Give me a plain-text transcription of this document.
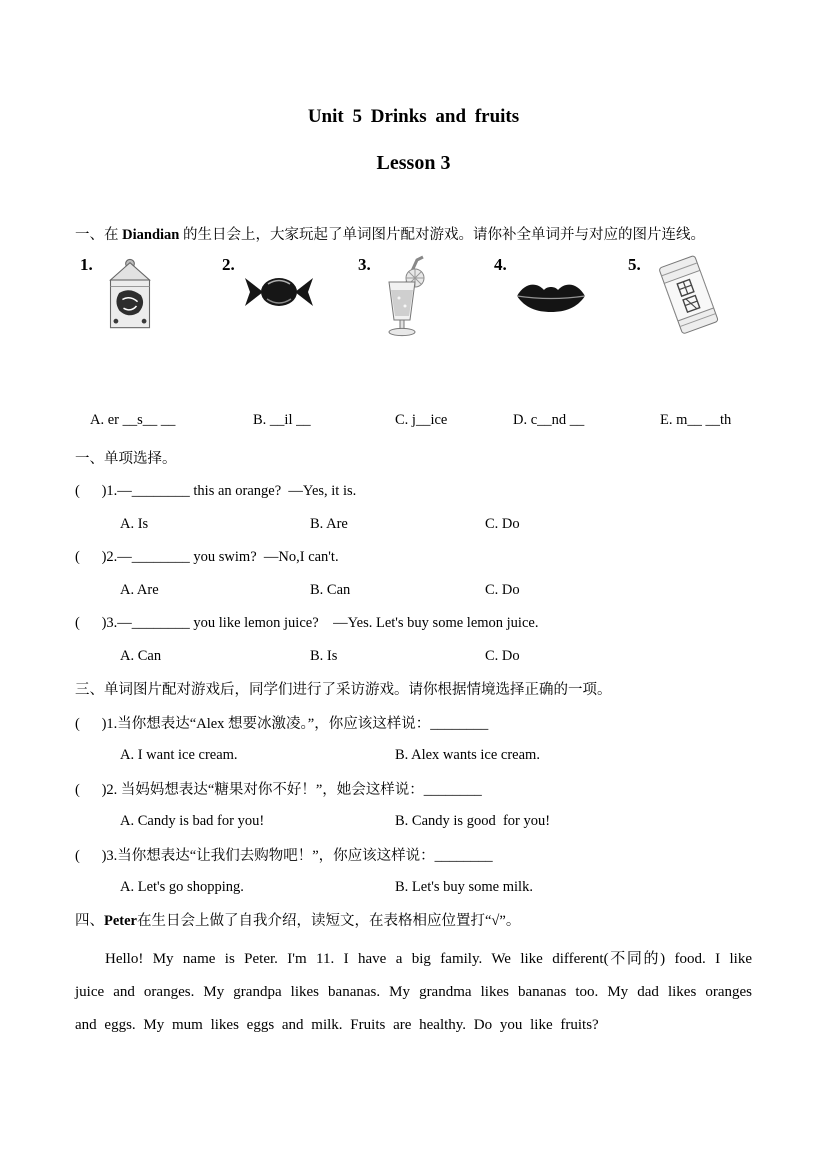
Unit 5 Drinks and fruits
Lesson 3
一、在 Diandian 的生日会上，大家玩起了单词图片配对游戏。请你补全单词并与对应的图片连线。
1.	2.	3.	4.	5.
A. er __s__ __	B. __il __	C. j__ice	D. c__nd __	E. m__ __th
一、单项选择。
(      )1.—________ this an orange?  —Yes, it is.
A. Is	B. Are	C. Do
(      )2.—________ you swim?  —No,I can't.
A. Are	B. Can	C. Do
(      )3.—________ you like lemon juice?    —Yes. Let's buy some lemon juice.
A. Can	B. Is	C. Do
三、单词图片配对游戏后，同学们进行了采访游戏。请你根据情境选择正确的一项。
(      )1.当你想表达“Alex 想要冰激凌。”，你应该这样说：________
A. I want ice cream.	B. Alex wants ice cream.
(      )2. 当妈妈想表达“糖果对你不好！”，她会这样说：________
A. Candy is bad for you!	B. Candy is good  for you!
(      )3.当你想表达“让我们去购物吧！”，你应该这样说：________
A. Let's go shopping.	B. Let's buy some milk.
四、 Peter 在生日会上做了自我介绍，读短文，在表格相应位置打“√”。
Hello! My name is Peter. I'm 11. I have a big family. We like different(不同的) food. I like juice and oranges. My grandpa likes bananas. My grandma likes bananas too. My dad likes oranges and eggs. My mum likes eggs and milk. Fruits are healthy. Do you like fruits?
